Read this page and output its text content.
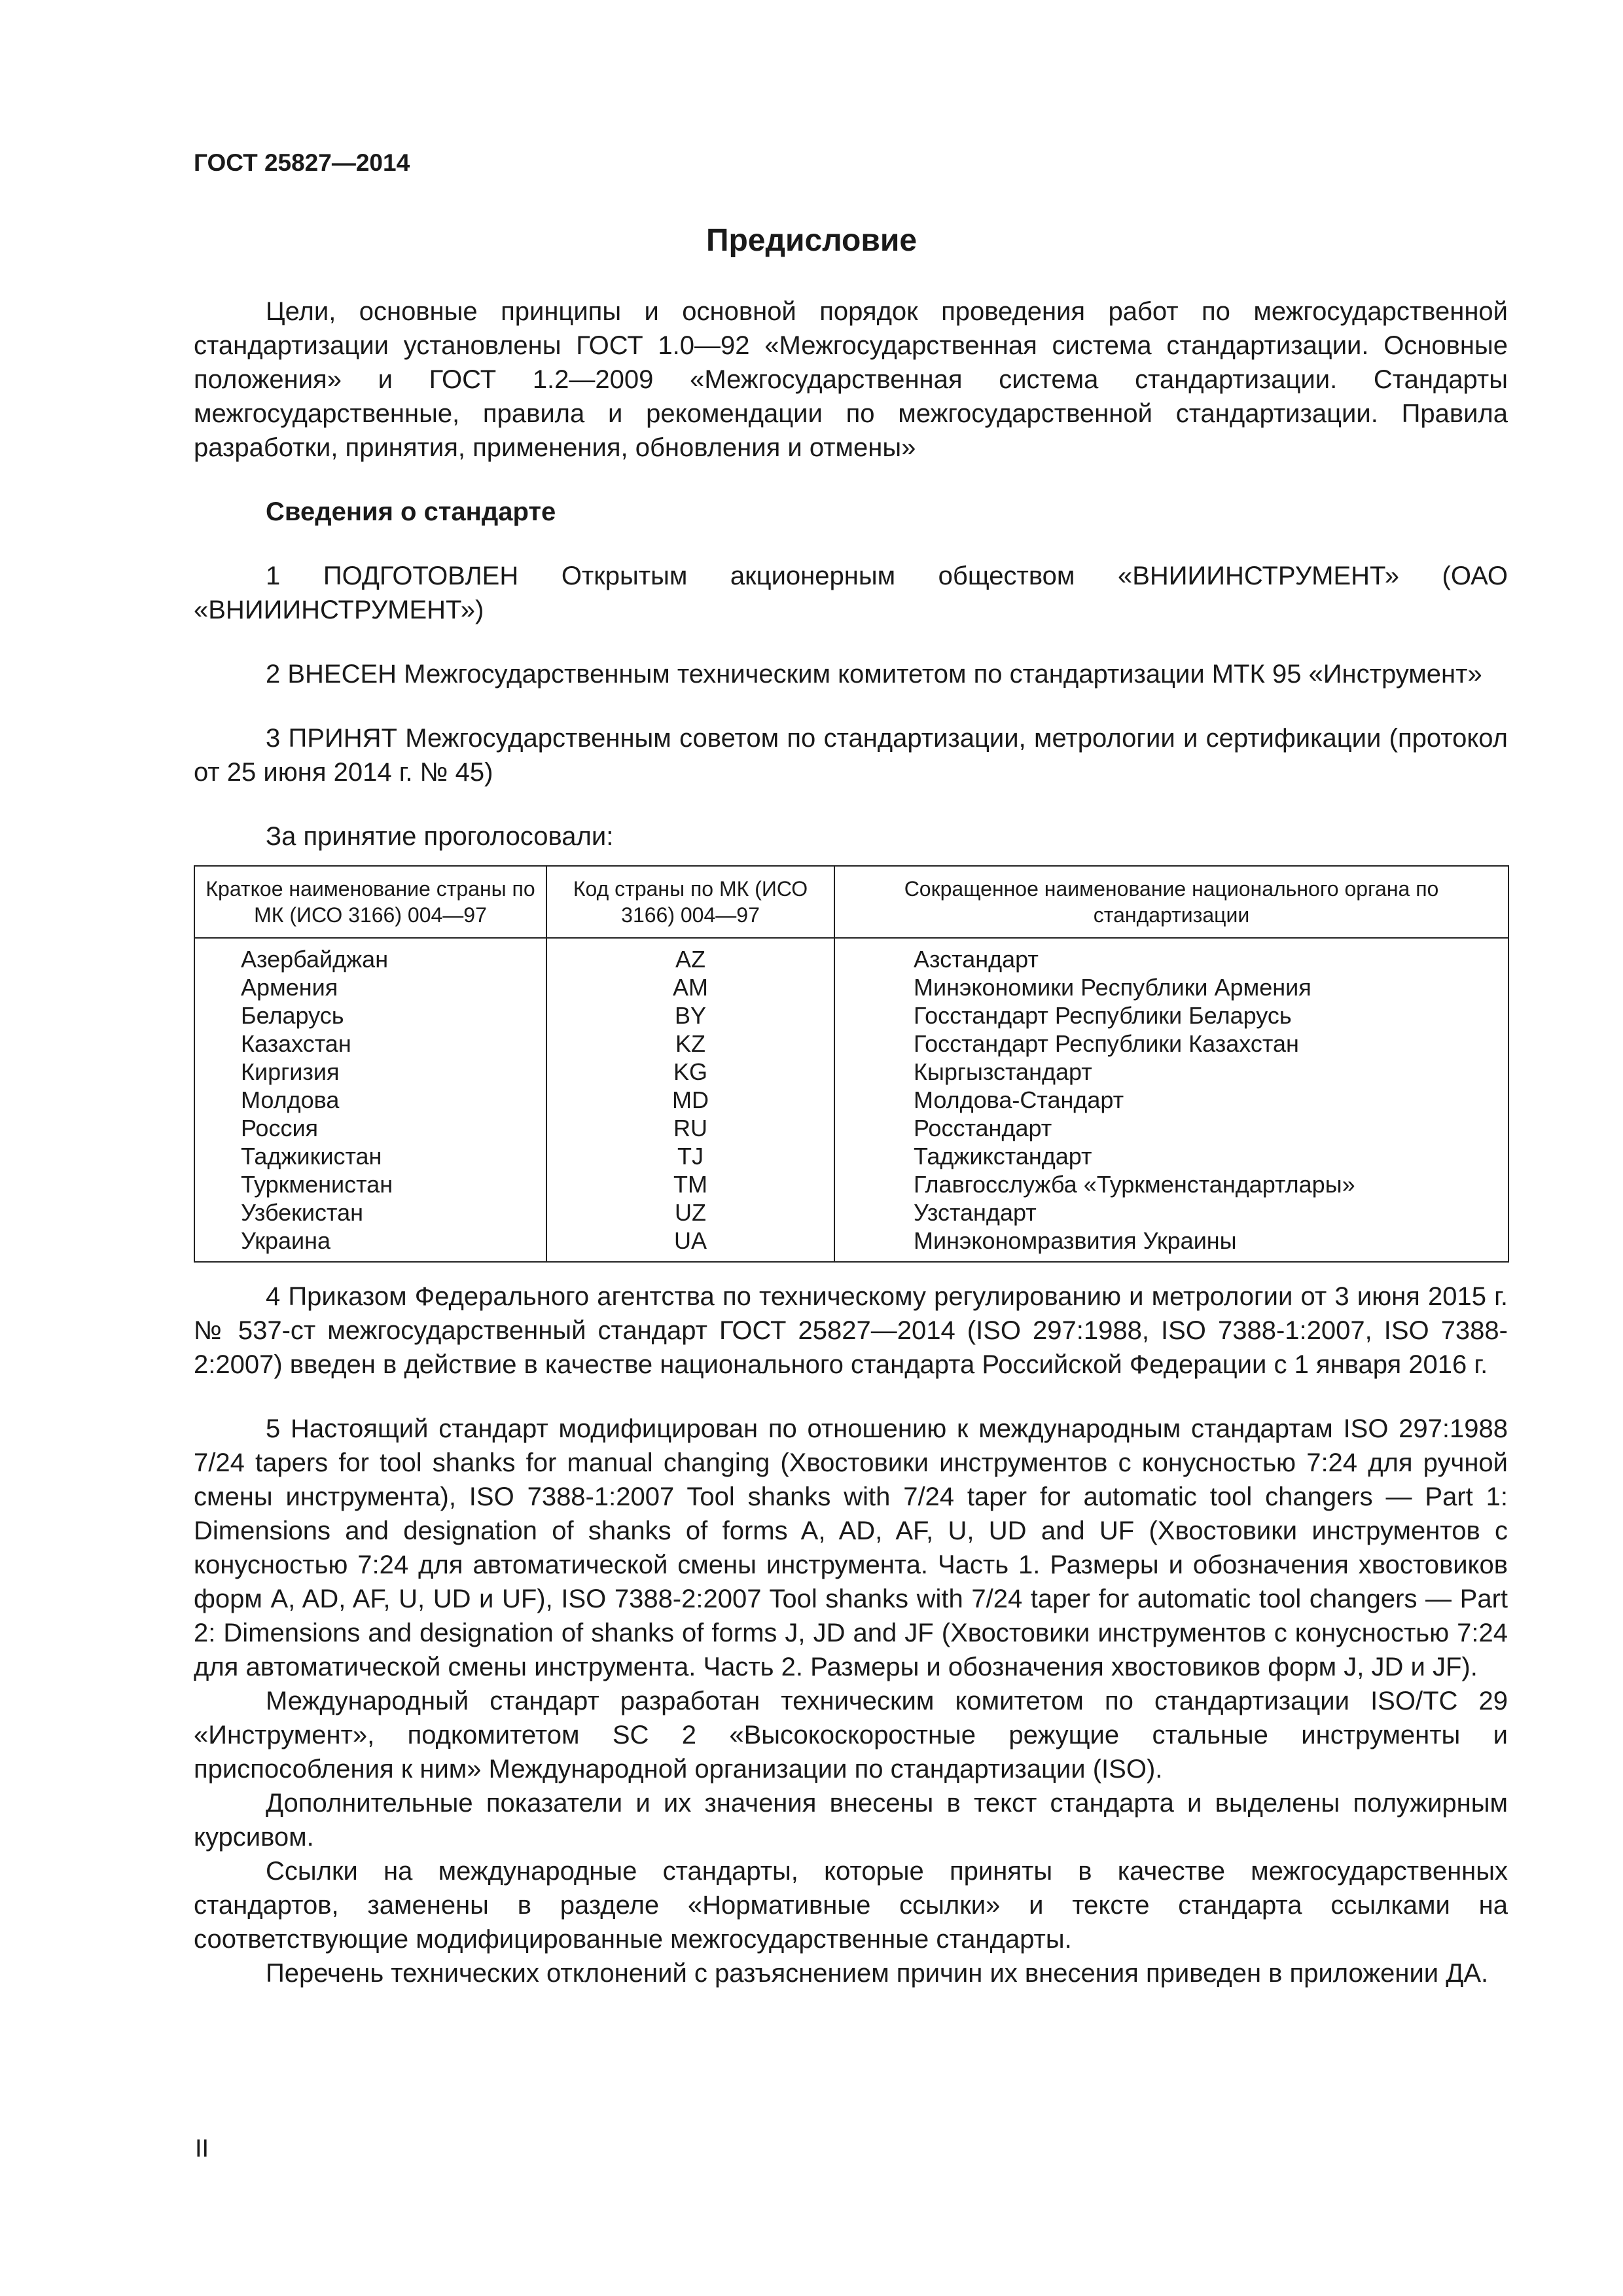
ГОСТ 25827—2014
Предисловие

Цели, основные принципы и основной порядок проведения работ по межгосударственной стандартизации установлены ГОСТ 1.0—92 «Межгосударственная система стандартизации. Основные положения» и ГОСТ 1.2—2009 «Межгосударственная система стандартизации. Стандарты межгосударственные, правила и рекомендации по межгосударственной стандартизации. Правила разработки, принятия, применения, обновления и отмены»

Сведения о стандарте

1 ПОДГОТОВЛЕН Открытым акционерным обществом «ВНИИИНСТРУМЕНТ» (ОАО «ВНИИИНСТРУМЕНТ»)

2 ВНЕСЕН Межгосударственным техническим комитетом по стандартизации МТК 95 «Инструмент»

3 ПРИНЯТ Межгосударственным советом по стандартизации, метрологии и сертификации (протокол от 25 июня 2014 г. № 45)

За принятие проголосовали:

Краткое наименование страны по МК (ИСО 3166) 004—97	Код страны по МК (ИСО 3166) 004—97	Сокращенное наименование национального органа по стандартизации
Азербайджан	AZ	Азстандарт
Армения	AM	Минэкономики Республики Армения
Беларусь	BY	Госстандарт Республики Беларусь
Казахстан	KZ	Госстандарт Республики Казахстан
Киргизия	KG	Кыргызстандарт
Молдова	MD	Молдова-Стандарт
Россия	RU	Росстандарт
Таджикистан	TJ	Таджикстандарт
Туркменистан	TM	Главгосслужба «Туркменстандартлары»
Узбекистан	UZ	Узстандарт
Украина	UA	Минэкономразвития Украины

4 Приказом Федерального агентства по техническому регулированию и метрологии от 3 июня 2015 г. № 537-ст межгосударственный стандарт ГОСТ 25827—2014 (ISO 297:1988, ISO 7388-1:2007, ISO 7388-2:2007) введен в действие в качестве национального стандарта Российской Федерации с 1 января 2016 г.

5 Настоящий стандарт модифицирован по отношению к международным стандартам ISO 297:1988 7/24 tapers for tool shanks for manual changing (Хвостовики инструментов с конусностью 7:24 для ручной смены инструмента), ISO 7388-1:2007 Tool shanks with 7/24 taper for automatic tool changers — Part 1: Dimensions and designation of shanks of forms A, AD, AF, U, UD and UF (Хвостовики инструментов с конусностью 7:24 для автоматической смены инструмента. Часть 1. Размеры и обозначения хвостовиков форм A, AD, AF, U, UD и UF), ISO 7388-2:2007 Tool shanks with 7/24 taper for automatic tool changers — Part 2: Dimensions and designation of shanks of forms J, JD and JF (Хвостовики инструментов с конусностью 7:24 для автоматической смены инструмента. Часть 2. Размеры и обозначения хвостовиков форм J, JD и JF).

Международный стандарт разработан техническим комитетом по стандартизации ISO/TC 29 «Инструмент», подкомитетом SC 2 «Высокоскоростные режущие стальные инструменты и приспособления к ним» Международной организации по стандартизации (ISO).

Дополнительные показатели и их значения внесены в текст стандарта и выделены полужирным курсивом.

Ссылки на международные стандарты, которые приняты в качестве межгосударственных стандартов, заменены в разделе «Нормативные ссылки» и тексте стандарта ссылками на соответствующие модифицированные межгосударственные стандарты.

Перечень технических отклонений с разъяснением причин их внесения приведен в приложении ДА.

II
